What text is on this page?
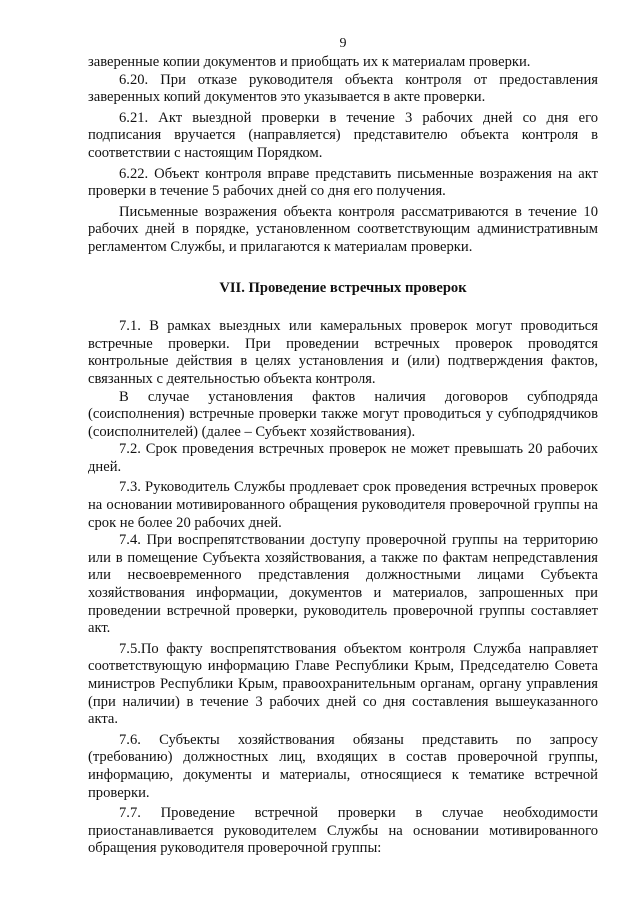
9

заверенные копии документов и приобщать их к материалам проверки.

6.20. При отказе руководителя объекта контроля от предоставления заверенных копий документов это указывается в акте проверки.

6.21. Акт выездной проверки в течение 3 рабочих дней со дня его подписания вручается (направляется) представителю объекта контроля в соответствии с настоящим Порядком.

6.22. Объект контроля вправе представить письменные возражения на акт проверки в течение 5 рабочих дней со дня его получения.

Письменные возражения объекта контроля рассматриваются в течение 10 рабочих дней в порядке, установленном соответствующим административным регламентом Службы, и прилагаются к материалам проверки.

VII. Проведение встречных проверок

7.1. В рамках выездных или камеральных проверок могут проводиться встречные проверки. При проведении встречных проверок проводятся контрольные действия в целях установления и (или) подтверждения фактов, связанных с деятельностью объекта контроля.

В случае установления фактов наличия договоров субподряда (соисполнения) встречные проверки также могут проводиться у субподрядчиков (соисполнителей) (далее – Субъект хозяйствования).

7.2. Срок проведения встречных проверок не может превышать 20 рабочих дней.

7.3. Руководитель Службы продлевает срок проведения встречных проверок на основании мотивированного обращения руководителя проверочной группы на срок не более 20 рабочих дней.

7.4. При воспрепятствовании доступу проверочной группы на территорию или в помещение Субъекта хозяйствования, а также по фактам непредставления или несвоевременного представления должностными лицами Субъекта хозяйствования информации, документов и материалов, запрошенных при проведении встречной проверки, руководитель проверочной группы составляет акт.

7.5.По факту воспрепятствования объектом контроля Служба направляет соответствующую информацию Главе Республики Крым, Председателю Совета министров Республики Крым, правоохранительным органам, органу управления (при наличии) в течение 3 рабочих дней со дня составления вышеуказанного акта.

7.6. Субъекты хозяйствования обязаны представить по запросу (требованию) должностных лиц, входящих в состав проверочной группы, информацию, документы и материалы, относящиеся к тематике встречной проверки.

7.7. Проведение встречной проверки в случае необходимости приостанавливается руководителем Службы на основании мотивированного обращения руководителя проверочной группы:
